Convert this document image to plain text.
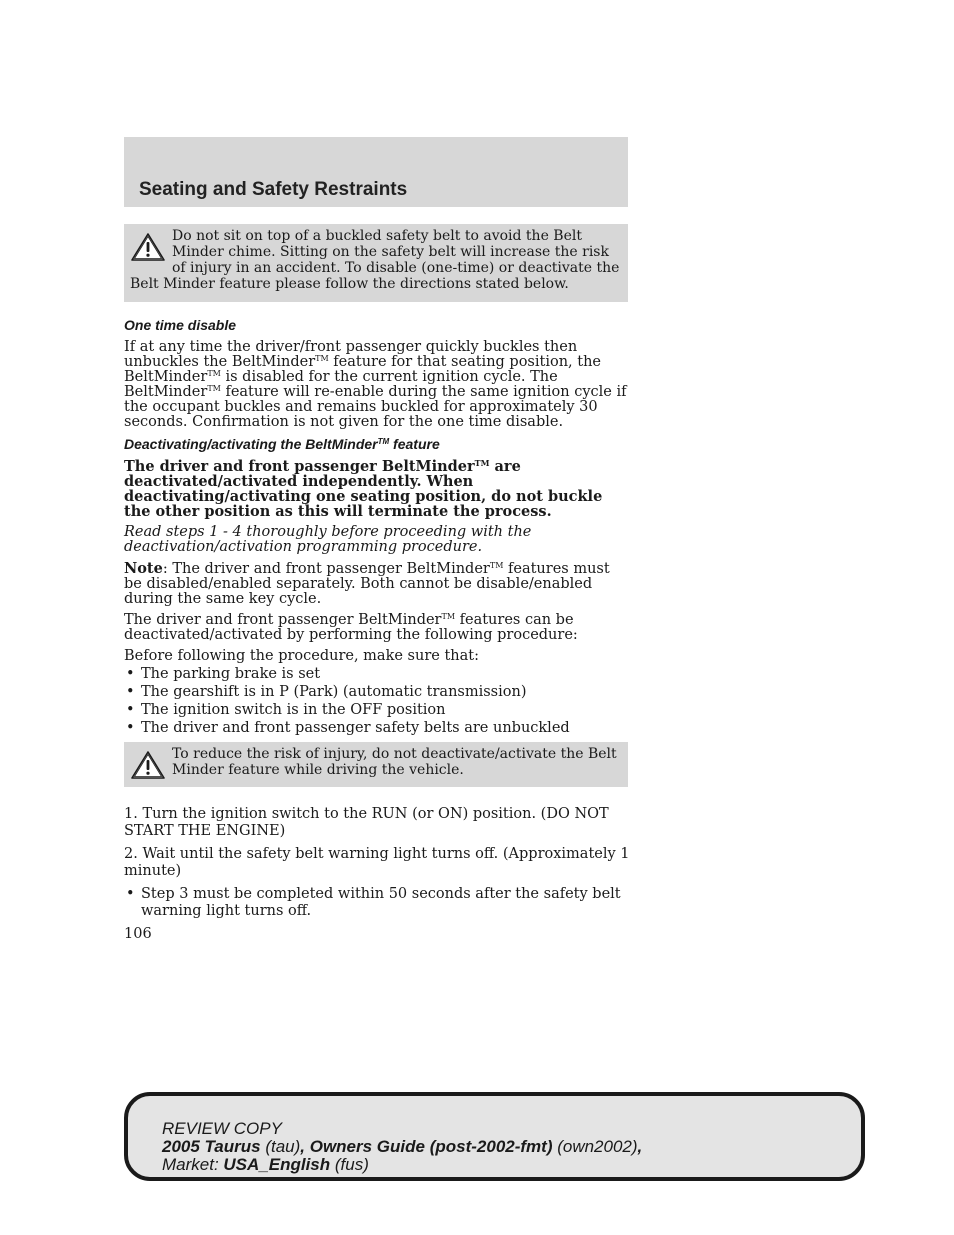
Seating and Safety Restraints

Do not sit on top of a buckled safety belt to avoid the Belt Minder chime. Sitting on the safety belt will increase the risk of injury in an accident. To disable (one-time) or deactivate the Belt Minder feature please follow the directions stated below.

One time disable

If at any time the driver/front passenger quickly buckles then unbuckles the BeltMinder™ feature for that seating position, the BeltMinder™ is disabled for the current ignition cycle. The BeltMinder™ feature will re-enable during the same ignition cycle if the occupant buckles and remains buckled for approximately 30 seconds. Confirmation is not given for the one time disable.

Deactivating/activating the BeltMinder™ feature

The driver and front passenger BeltMinder™ are deactivated/activated independently. When deactivating/activating one seating position, do not buckle the other position as this will terminate the process.

Read steps 1 - 4 thoroughly before proceeding with the deactivation/activation programming procedure.

Note: The driver and front passenger BeltMinder™ features must be disabled/enabled separately. Both cannot be disable/enabled during the same key cycle.

The driver and front passenger BeltMinder™ features can be deactivated/activated by performing the following procedure:

Before following the procedure, make sure that:

• The parking brake is set
• The gearshift is in P (Park) (automatic transmission)
• The ignition switch is in the OFF position
• The driver and front passenger safety belts are unbuckled

To reduce the risk of injury, do not deactivate/activate the Belt Minder feature while driving the vehicle.

1. Turn the ignition switch to the RUN (or ON) position. (DO NOT START THE ENGINE)

2. Wait until the safety belt warning light turns off. (Approximately 1 minute)

• Step 3 must be completed within 50 seconds after the safety belt warning light turns off.
106
REVIEW COPY
2005 Taurus (tau), Owners Guide (post-2002-fmt) (own2002),
Market: USA_English (fus)
